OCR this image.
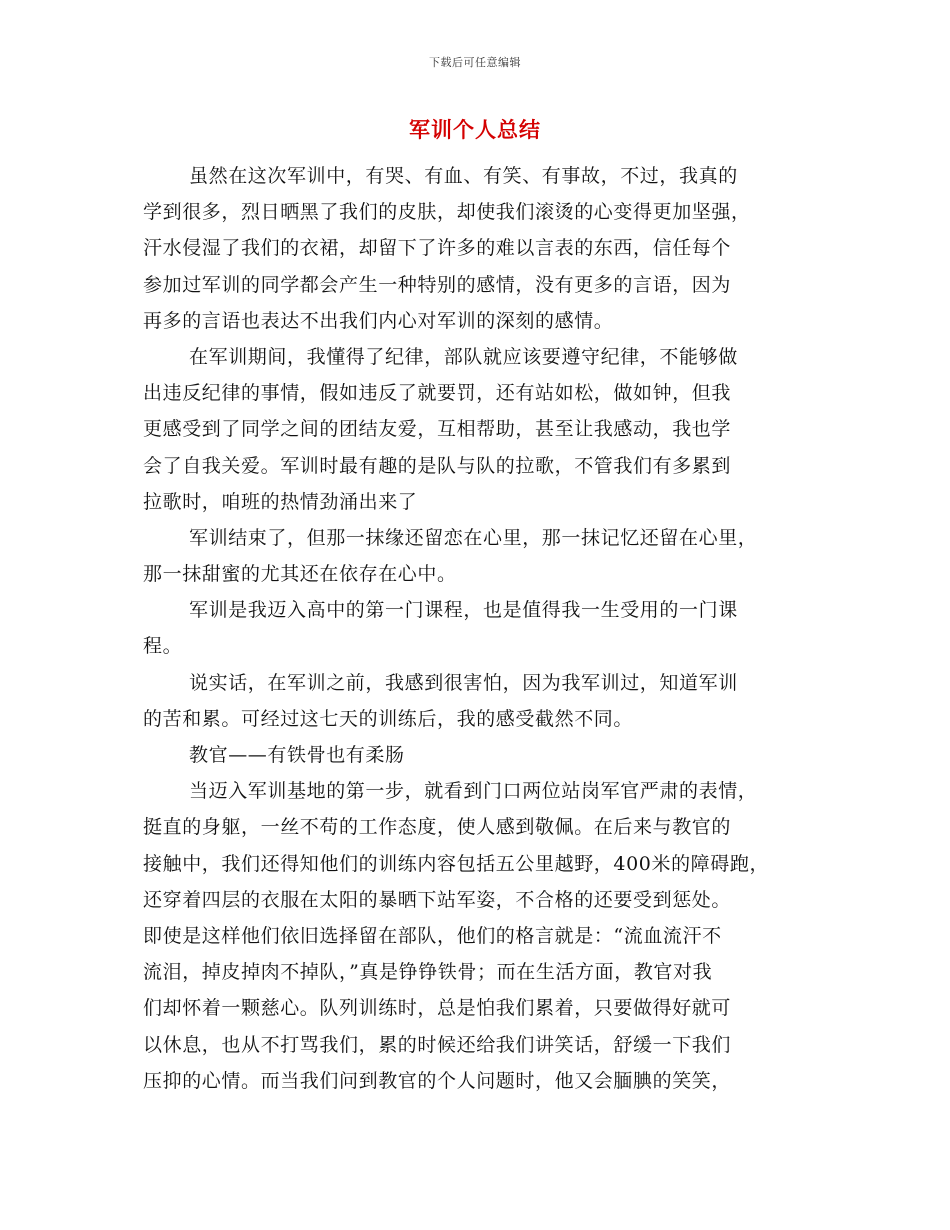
下载后可任意编辑
军训个人总结
虽然在这次军训中，有哭、有血、有笑、有事故，不过，我真的
学到很多，烈日晒黑了我们的皮肤，却使我们滚烫的心变得更加坚强，
汗水侵湿了我们的衣裙，却留下了许多的难以言表的东西，信任每个
参加过军训的同学都会产生一种特别的感情，没有更多的言语，因为
再多的言语也表达不出我们内心对军训的深刻的感情。
在军训期间，我懂得了纪律，部队就应该要遵守纪律，不能够做
出违反纪律的事情，假如违反了就要罚，还有站如松，做如钟，但我
更感受到了同学之间的团结友爱，互相帮助，甚至让我感动，我也学
会了自我关爱。军训时最有趣的是队与队的拉歌，不管我们有多累到
拉歌时，咱班的热情劲涌出来了
军训结束了，但那一抹缘还留恋在心里，那一抹记忆还留在心里，
那一抹甜蜜的尤其还在依存在心中。
军训是我迈入高中的第一门课程，也是值得我一生受用的一门课
程。
说实话，在军训之前，我感到很害怕，因为我军训过，知道军训
的苦和累。可经过这七天的训练后，我的感受截然不同。
教官——有铁骨也有柔肠
当迈入军训基地的第一步，就看到门口两位站岗军官严肃的表情，
挺直的身躯，一丝不苟的工作态度，使人感到敬佩。在后来与教官的
接触中，我们还得知他们的训练内容包括五公里越野，400米的障碍跑，
还穿着四层的衣服在太阳的暴晒下站军姿，不合格的还要受到惩处。
即使是这样他们依旧选择留在部队，他们的格言就是：“流血流汗不
流泪，掉皮掉肉不掉队，”真是铮铮铁骨；而在生活方面，教官对我
们却怀着一颗慈心。队列训练时，总是怕我们累着，只要做得好就可
以休息，也从不打骂我们，累的时候还给我们讲笑话，舒缓一下我们
压抑的心情。而当我们问到教官的个人问题时，他又会腼腆的笑笑，
